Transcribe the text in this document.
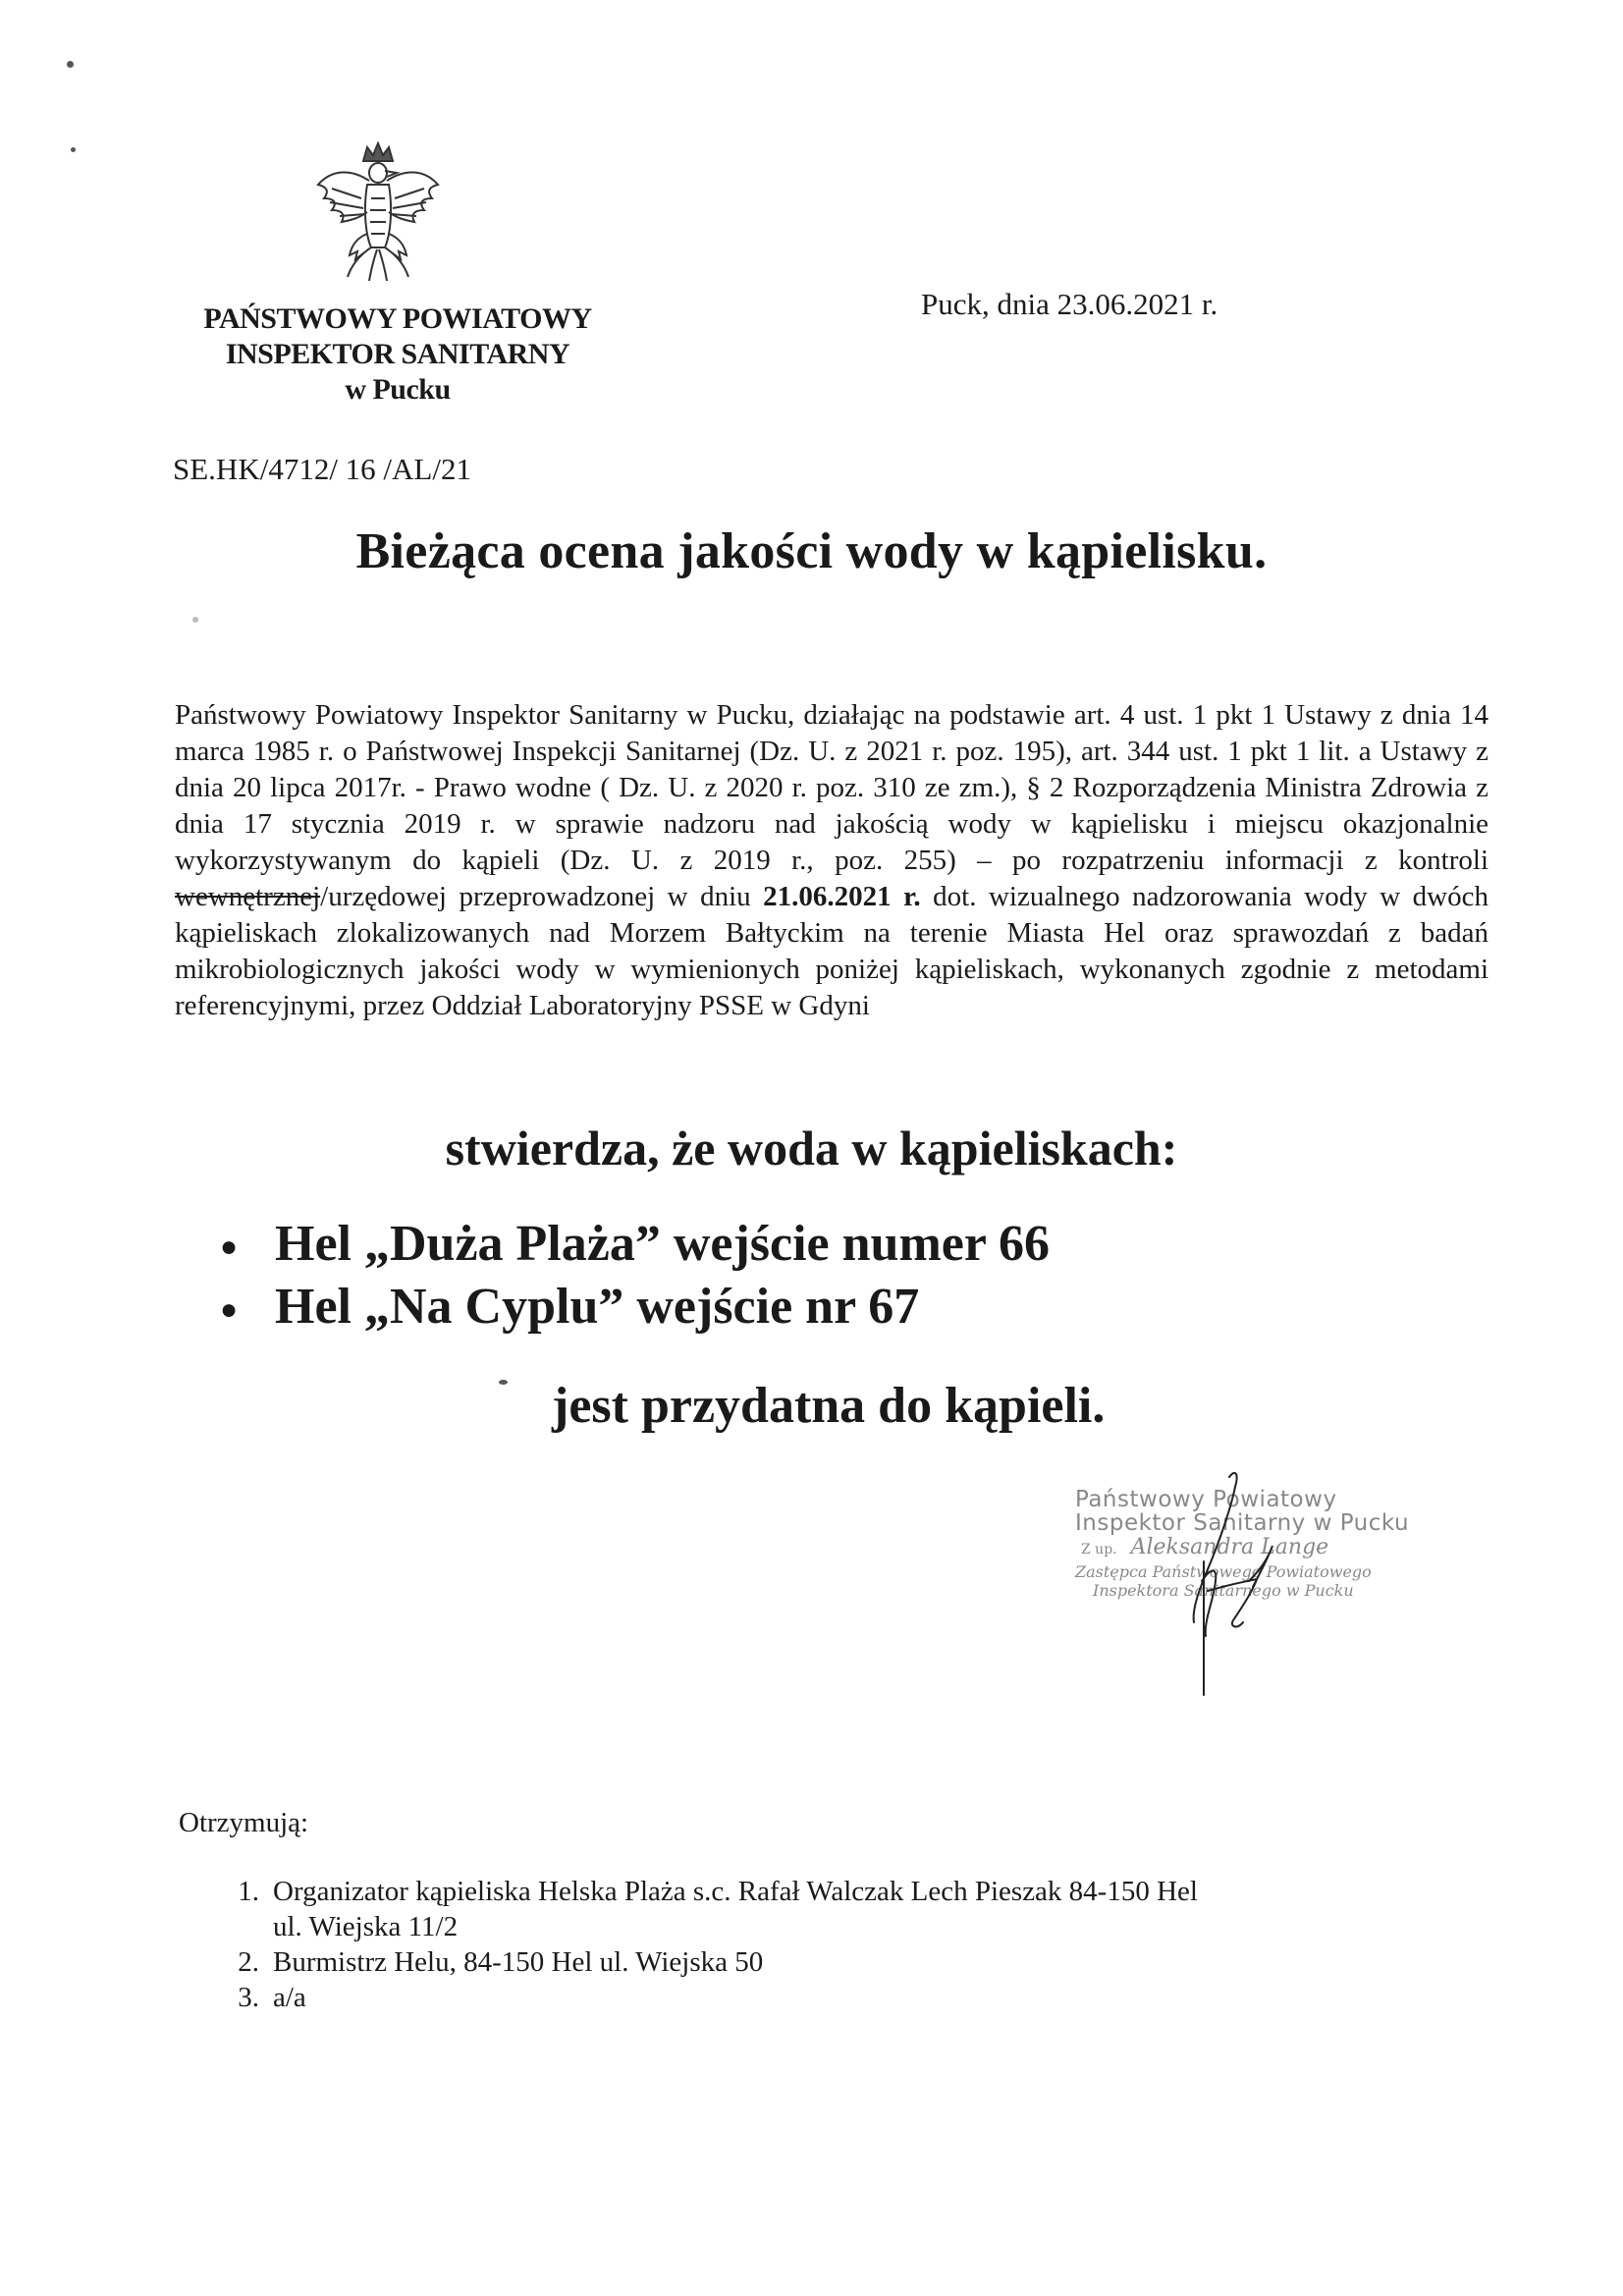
PAŃSTWOWY POWIATOWY
INSPEKTOR SANITARNY
w Pucku
Puck, dnia 23.06.2021 r.
SE.HK/4712/ 16 /AL/21
Bieżąca ocena jakości wody w kąpielisku.
Państwowy Powiatowy Inspektor Sanitarny w Pucku, działając na podstawie art. 4 ust. 1 pkt 1 Ustawy z dnia 14 marca 1985 r. o Państwowej Inspekcji Sanitarnej (Dz. U. z 2021 r. poz. 195), art. 344 ust. 1 pkt 1 lit. a Ustawy z dnia 20 lipca 2017r. - Prawo wodne ( Dz. U. z 2020 r. poz. 310 ze zm.), § 2 Rozporządzenia Ministra Zdrowia z dnia 17 stycznia 2019 r. w sprawie nadzoru nad jakością wody w kąpielisku i miejscu okazjonalnie wykorzystywanym do kąpieli (Dz. U. z 2019 r., poz. 255) – po rozpatrzeniu informacji z kontroli wewnętrznej/urzędowej przeprowadzonej w dniu 21.06.2021 r. dot. wizualnego nadzorowania wody w dwóch kąpieliskach zlokalizowanych nad Morzem Bałtyckim na terenie Miasta Hel oraz sprawozdań z badań mikrobiologicznych jakości wody w wymienionych poniżej kąpieliskach, wykonanych zgodnie z metodami referencyjnymi, przez Oddział Laboratoryjny PSSE w Gdyni
stwierdza, że woda w kąpieliskach:
● Hel „Duża Plaża” wejście numer 66
● Hel „Na Cyplu” wejście nr 67
jest przydatna do kąpieli.
Państwowy Powiatowy
Inspektor Sanitarny w Pucku
Z up. Aleksandra Lange
Zastępca Państwowego Powiatowego
Inspektora Sanitarnego w Pucku
Otrzymują:
1. Organizator kąpieliska Helska Plaża s.c. Rafał Walczak Lech Pieszak 84-150 Hel
ul. Wiejska 11/2
2. Burmistrz Helu, 84-150 Hel ul. Wiejska 50
3. a/a
